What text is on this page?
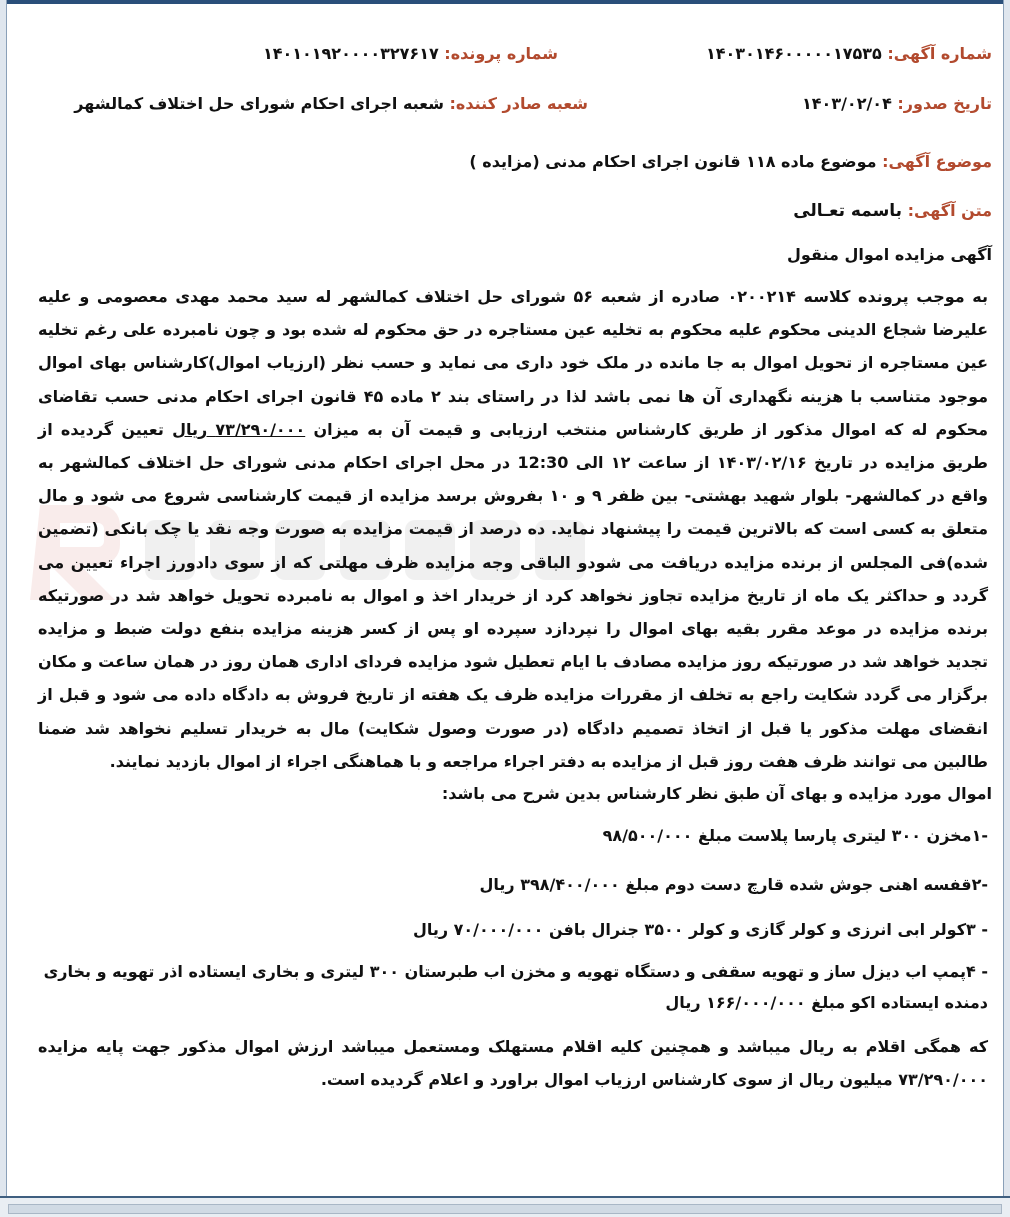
شماره آگهی: ۱۴۰۳۰۱۴۶۰۰۰۰۰۱۷۵۳۵
شماره پرونده: ۱۴۰۱۰۱۹۲۰۰۰۰۳۲۷۶۱۷
تاریخ صدور: ۱۴۰۳/۰۲/۰۴
شعبه صادر کننده: شعبه اجرای احکام شورای حل اختلاف کمالشهر
موضوع آگهی: موضوع ماده ۱۱۸ قانون اجرای احکام مدنی (مزایده )
متن آگهی: باسمه تعـالی
آگهی مزایده اموال منقول

به موجب پرونده کلاسه ۰۲۰۰۲۱۴ صادره از شعبه ۵۶ شورای حل اختلاف کمالشهر له سید محمد مهدی معصومی و علیه علیرضا شجاع الدینی محکوم علیه محکوم به تخلیه عین مستاجره در حق محکوم له شده بود و چون نامبرده علی رغم تخلیه عین مستاجره از تحویل اموال به جا مانده در ملک خود داری می نماید و حسب نظر (ارزیاب اموال)کارشناس بهای اموال موجود متناسب با هزینه نگهداری آن ها نمی باشد لذا در راستای بند ۲ ماده ۴۵ قانون اجرای احکام مدنی حسب تقاضای محکوم له که اموال مذکور از طریق کارشناس منتخب ارزیابی و قیمت آن به میزان ۷۳/۲۹۰/۰۰۰ ریال تعیین گردیده از طریق مزایده در تاریخ ۱۴۰۳/۰۲/۱۶ از ساعت ۱۲ الی 12:30 در محل اجرای احکام مدنی شورای حل اختلاف کمالشهر به واقع در کمالشهر- بلوار شهید بهشتی- بین ظفر ۹ و ۱۰ بفروش برسد مزایده از قیمت کارشناسی شروع می شود و مال متعلق به کسی است که بالاترین قیمت را پیشنهاد نماید. ده درصد از قیمت مزایده به صورت وجه نقد یا چک بانکی (تضمین شده)فی المجلس از برنده مزایده دریافت می شودو الباقی وجه مزایده ظرف مهلتی که از سوی دادورز اجراء تعیین می گردد و حداکثر یک ماه از تاریخ مزایده تجاوز نخواهد کرد از خریدار اخذ و اموال به نامبرده تحویل خواهد شد در صورتیکه برنده مزایده در موعد مقرر بقیه بهای اموال را نپردازد سپرده او پس از کسر هزینه مزایده بنفع دولت ضبط و مزایده تجدید خواهد شد در صورتیکه روز مزایده مصادف با ایام تعطیل شود مزایده فردای اداری همان روز در همان ساعت و مکان برگزار می گردد شکایت راجع به تخلف از مقررات مزایده ظرف یک هفته از تاریخ فروش به دادگاه داده می شود و قبل از انقضای مهلت مذکور یا قبل از اتخاذ تصمیم دادگاه (در صورت وصول شکایت) مال به خریدار تسلیم نخواهد شد ضمنا طالبین می توانند ظرف هفت روز قبل از مزایده به دفتر اجراء مراجعه و با هماهنگی اجراء از اموال بازدید نمایند.

اموال مورد مزایده و بهای آن طبق نظر کارشناس بدین شرح می باشد:
-۱مخزن ۳۰۰ لیتری پارسا پلاست مبلغ ۹۸/۵۰۰/۰۰۰
-۲قفسه اهنی جوش شده قارچ دست دوم مبلغ ۳۹۸/۴۰۰/۰۰۰ ریال
- ۳کولر ابی انرزی و کولر گازی و کولر ۳۵۰۰ جنرال بافن ۷۰/۰۰۰/۰۰۰ ریال
- ۴پمپ اب دیزل ساز و تهویه سقفی و دستگاه تهویه و مخزن اب طبرستان ۳۰۰ لیتری و بخاری ایستاده اذر تهویه و بخاری
دمنده ایستاده اکو مبلغ ۱۶۶/۰۰۰/۰۰۰ ریال
که همگی اقلام به ریال میباشد و همچنین کلیه اقلام مستهلک ومستعمل میباشد ارزش اموال مذکور جهت پایه مزایده ۷۳/۲۹۰/۰۰۰ میلیون ریال از سوی کارشناس ارزیاب اموال براورد و اعلام گردیده است.
